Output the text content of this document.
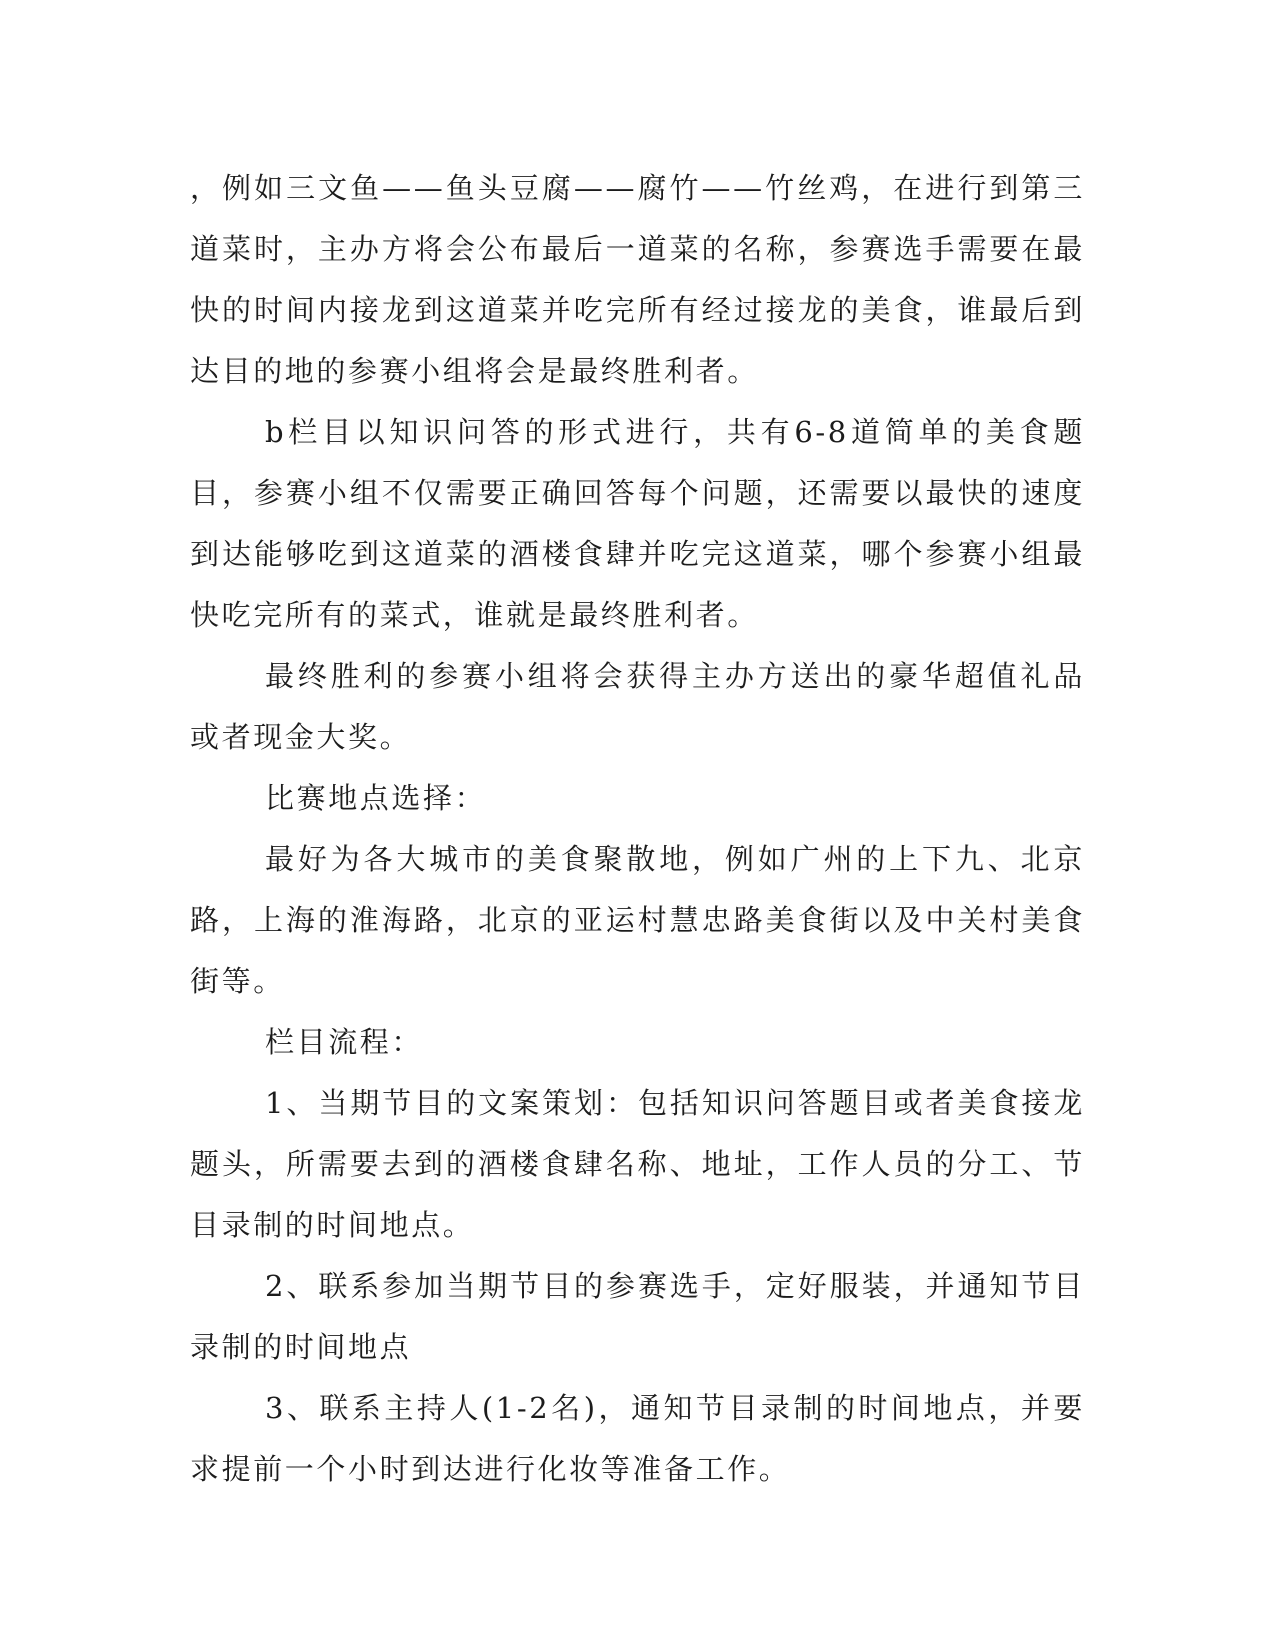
，例如三文鱼——鱼头豆腐——腐竹——竹丝鸡，在进行到第三道菜时，主办方将会公布最后一道菜的名称，参赛选手需要在最快的时间内接龙到这道菜并吃完所有经过接龙的美食，谁最后到达目的地的参赛小组将会是最终胜利者。

b栏目以知识问答的形式进行，共有6-8道简单的美食题目，参赛小组不仅需要正确回答每个问题，还需要以最快的速度到达能够吃到这道菜的酒楼食肆并吃完这道菜，哪个参赛小组最快吃完所有的菜式，谁就是最终胜利者。

最终胜利的参赛小组将会获得主办方送出的豪华超值礼品或者现金大奖。

比赛地点选择：

最好为各大城市的美食聚散地，例如广州的上下九、北京路，上海的淮海路，北京的亚运村慧忠路美食街以及中关村美食街等。

栏目流程：

1、当期节目的文案策划：包括知识问答题目或者美食接龙题头，所需要去到的酒楼食肆名称、地址，工作人员的分工、节目录制的时间地点。

2、联系参加当期节目的参赛选手，定好服装，并通知节目录制的时间地点

3、联系主持人(1-2名)，通知节目录制的时间地点，并要求提前一个小时到达进行化妆等准备工作。
